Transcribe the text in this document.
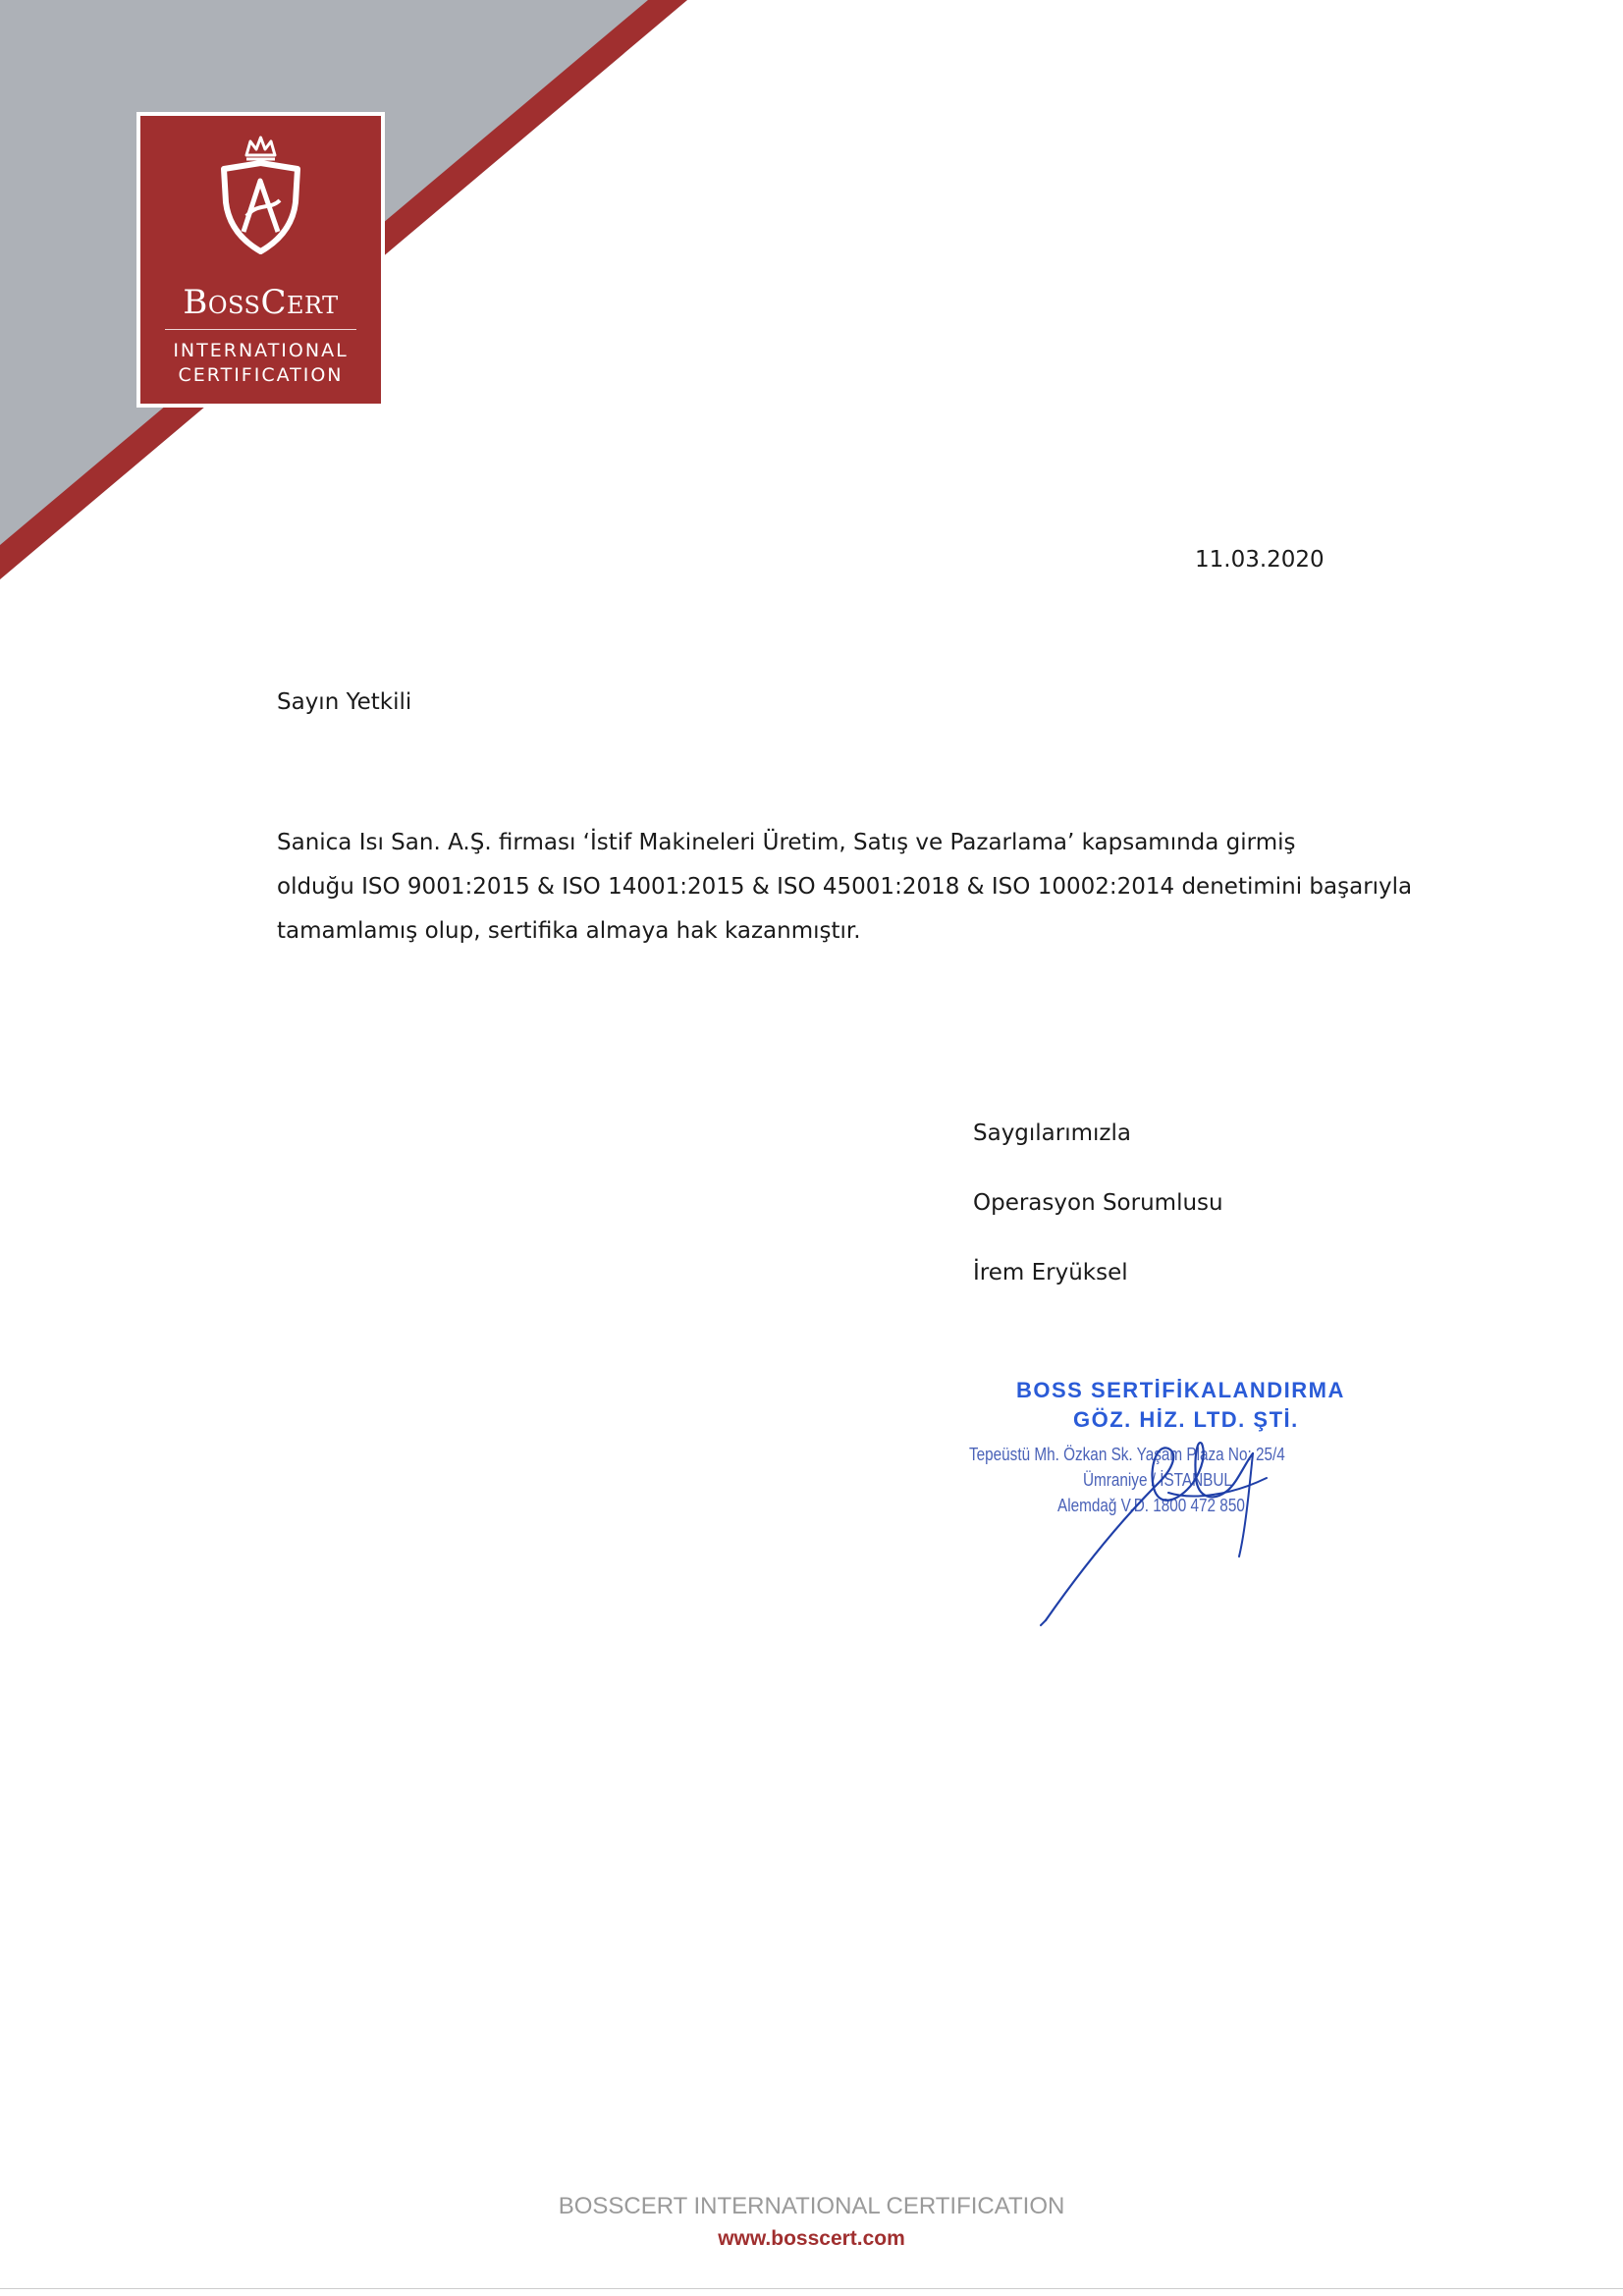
BossCert
INTERNATIONAL
CERTIFICATION
11.03.2020
Sayın Yetkili
Sanica Isı San. A.Ş. firması ‘İstif Makineleri Üretim, Satış ve Pazarlama’ kapsamında girmiş
olduğu ISO 9001:2015 & ISO 14001:2015 & ISO 45001:2018 & ISO 10002:2014 denetimini başarıyla
tamamlamış olup, sertifika almaya hak kazanmıştır.
Saygılarımızla
Operasyon Sorumlusu
İrem Eryüksel
BOSS SERTİFİKALANDIRMA
GÖZ. HİZ. LTD. ŞTİ.
Tepeüstü Mh. Özkan Sk. Yaşam Plaza No: 25/4
Ümraniye / İSTANBUL
Alemdağ V.D. 1800 472 850
BOSSCERT INTERNATIONAL CERTIFICATION
www.bosscert.com
